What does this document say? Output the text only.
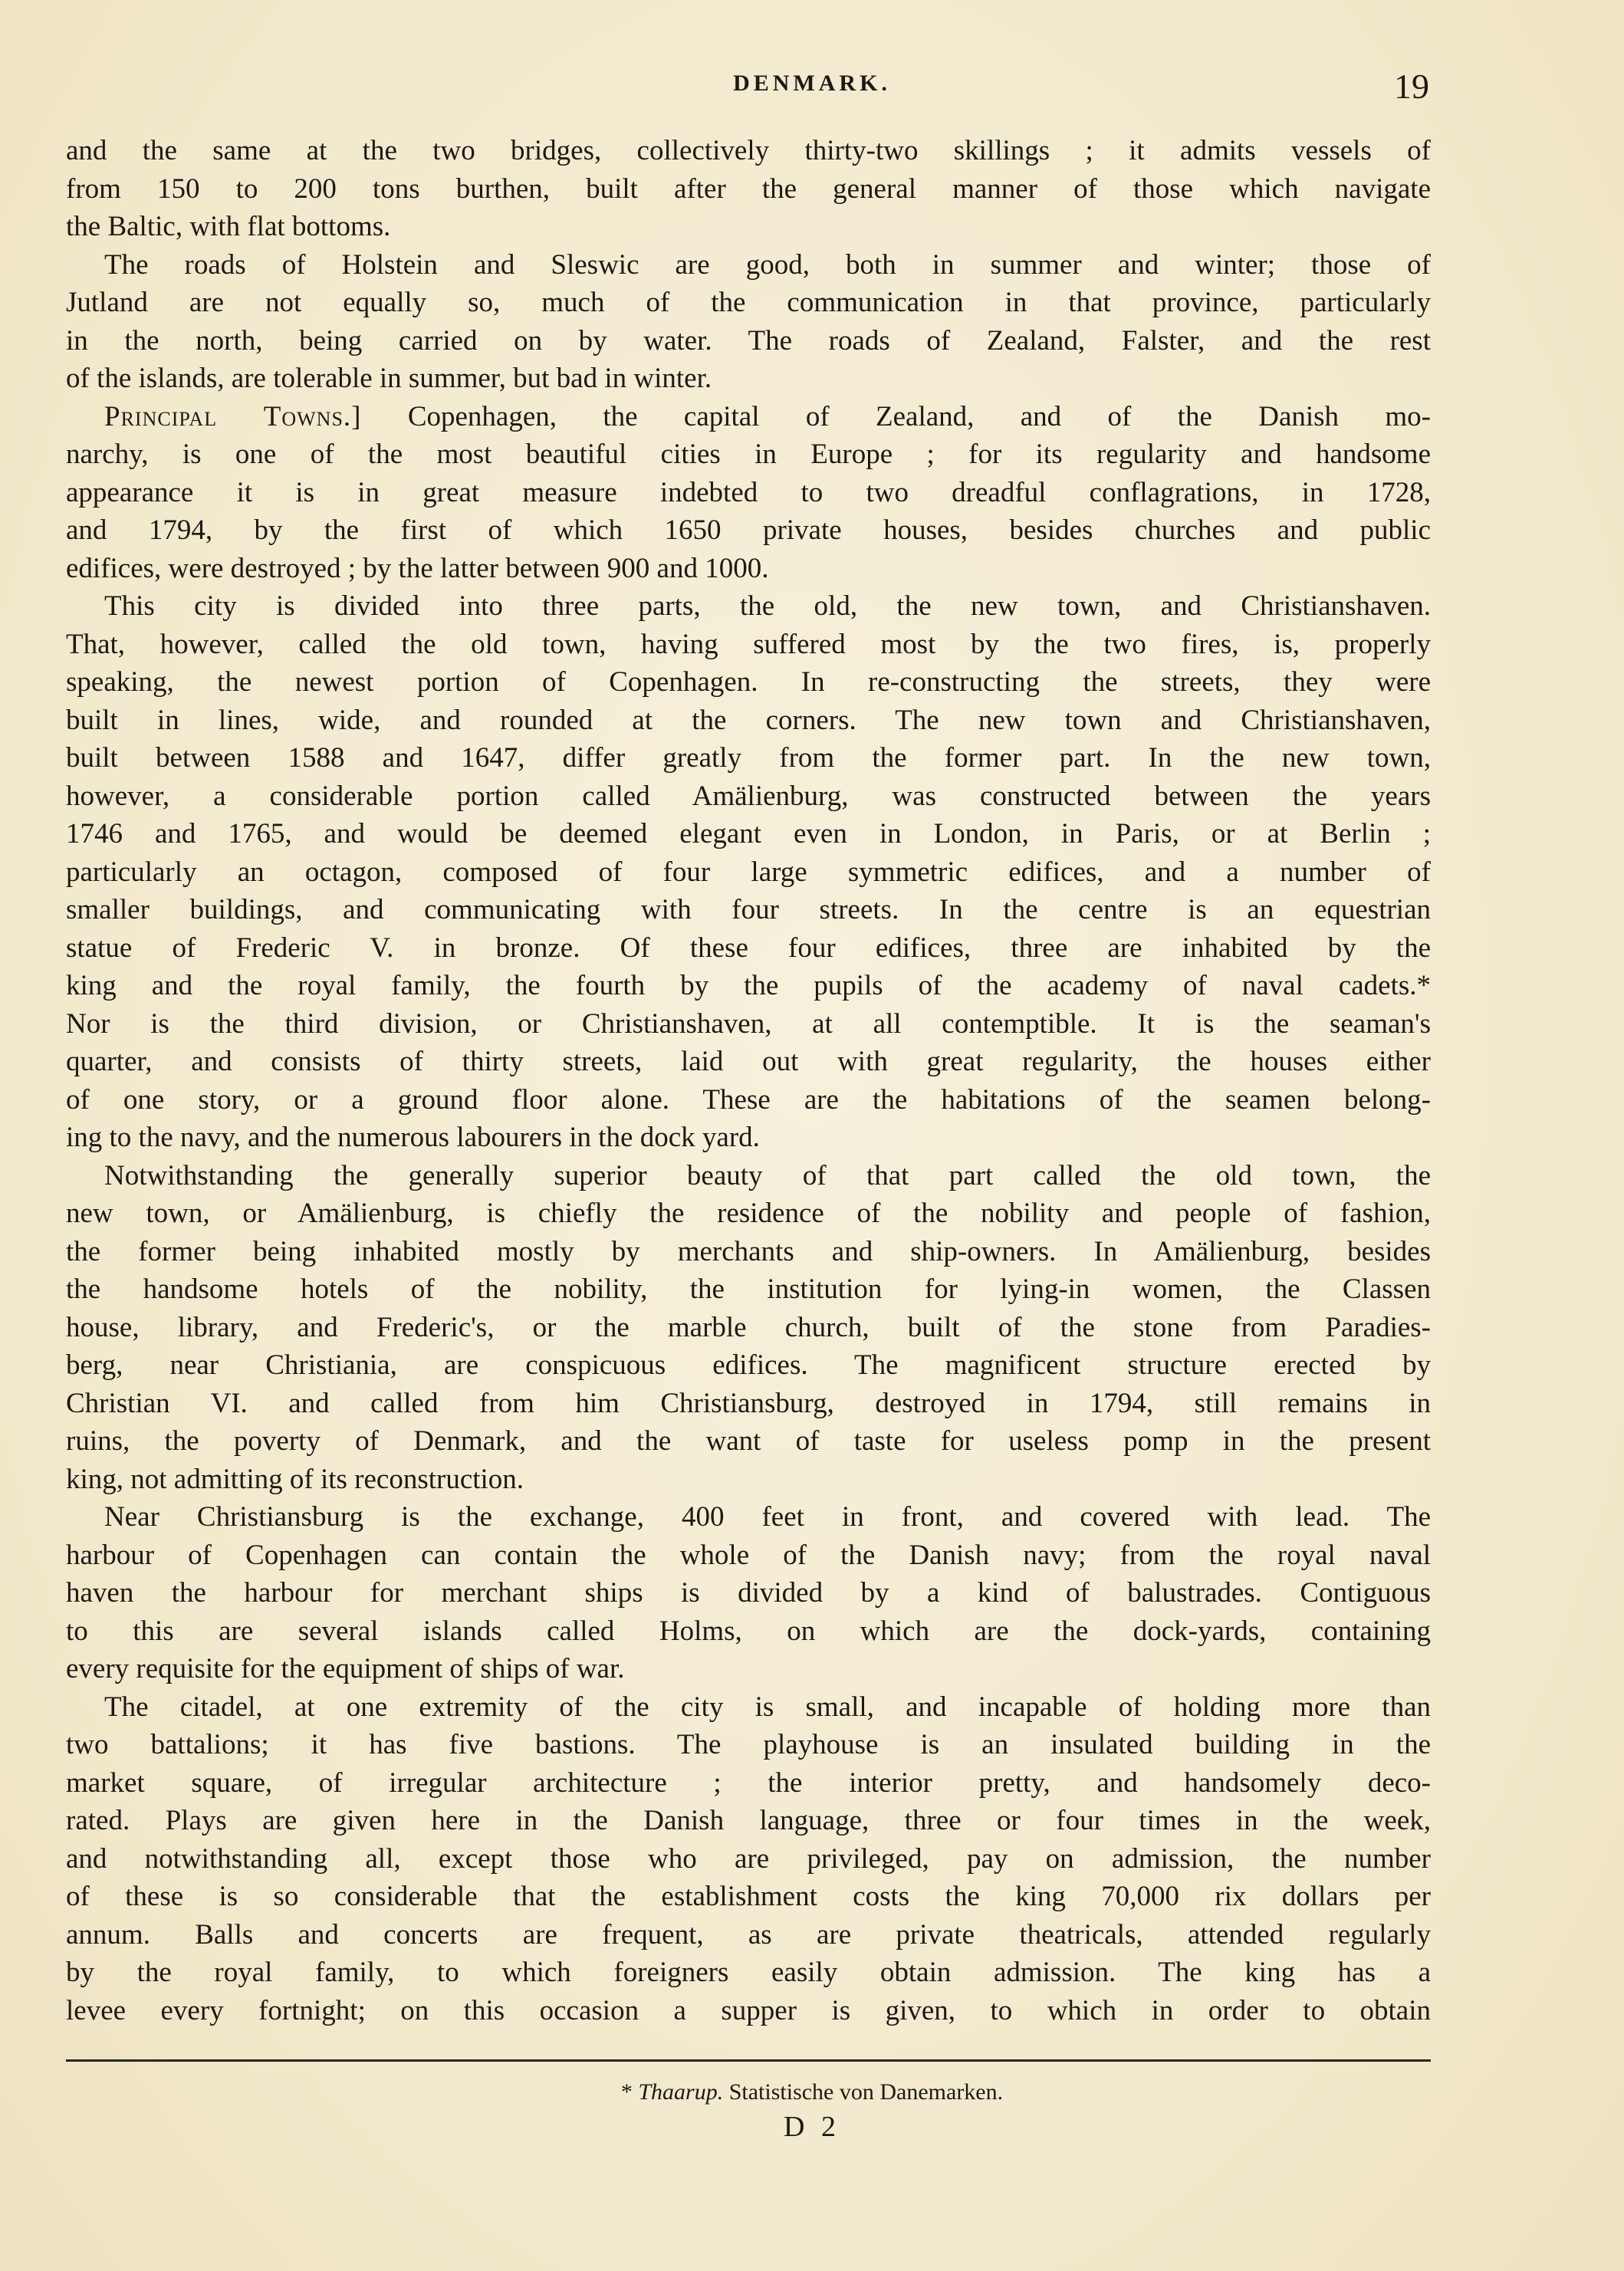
DENMARK.	19
and the same at the two bridges, collectively thirty-two skillings ; it admits vessels of
from 150 to 200 tons burthen, built after the general manner of those which navigate
the Baltic, with flat bottoms.
The roads of Holstein and Sleswic are good, both in summer and winter; those of
Jutland are not equally so, much of the communication in that province, particularly
in the north, being carried on by water. The roads of Zealand, Falster, and the rest
of the islands, are tolerable in summer, but bad in winter.
Principal Towns.] Copenhagen, the capital of Zealand, and of the Danish mo-
narchy, is one of the most beautiful cities in Europe ; for its regularity and handsome
appearance it is in great measure indebted to two dreadful conflagrations, in 1728,
and 1794, by the first of which 1650 private houses, besides churches and public
edifices, were destroyed ; by the latter between 900 and 1000.
This city is divided into three parts, the old, the new town, and Christianshaven.
That, however, called the old town, having suffered most by the two fires, is, properly
speaking, the newest portion of Copenhagen. In re-constructing the streets, they were
built in lines, wide, and rounded at the corners. The new town and Christianshaven,
built between 1588 and 1647, differ greatly from the former part. In the new town,
however, a considerable portion called Amälienburg, was constructed between the years
1746 and 1765, and would be deemed elegant even in London, in Paris, or at Berlin ;
particularly an octagon, composed of four large symmetric edifices, and a number of
smaller buildings, and communicating with four streets. In the centre is an equestrian
statue of Frederic V. in bronze. Of these four edifices, three are inhabited by the
king and the royal family, the fourth by the pupils of the academy of naval cadets.*
Nor is the third division, or Christianshaven, at all contemptible. It is the seaman's
quarter, and consists of thirty streets, laid out with great regularity, the houses either
of one story, or a ground floor alone. These are the habitations of the seamen belong-
ing to the navy, and the numerous labourers in the dock yard.
Notwithstanding the generally superior beauty of that part called the old town, the
new town, or Amälienburg, is chiefly the residence of the nobility and people of fashion,
the former being inhabited mostly by merchants and ship-owners. In Amälienburg, besides
the handsome hotels of the nobility, the institution for lying-in women, the Classen
house, library, and Frederic's, or the marble church, built of the stone from Paradies-
berg, near Christiania, are conspicuous edifices. The magnificent structure erected by
Christian VI. and called from him Christiansburg, destroyed in 1794, still remains in
ruins, the poverty of Denmark, and the want of taste for useless pomp in the present
king, not admitting of its reconstruction.
Near Christiansburg is the exchange, 400 feet in front, and covered with lead. The
harbour of Copenhagen can contain the whole of the Danish navy; from the royal naval
haven the harbour for merchant ships is divided by a kind of balustrades. Contiguous
to this are several islands called Holms, on which are the dock-yards, containing
every requisite for the equipment of ships of war.
The citadel, at one extremity of the city is small, and incapable of holding more than
two battalions; it has five bastions. The playhouse is an insulated building in the
market square, of irregular architecture ; the interior pretty, and handsomely deco-
rated. Plays are given here in the Danish language, three or four times in the week,
and notwithstanding all, except those who are privileged, pay on admission, the number
of these is so considerable that the establishment costs the king 70,000 rix dollars per
annum. Balls and concerts are frequent, as are private theatricals, attended regularly
by the royal family, to which foreigners easily obtain admission. The king has a
levee every fortnight; on this occasion a supper is given, to which in order to obtain
* Thaarup. Statistische von Danemarken.
D 2
